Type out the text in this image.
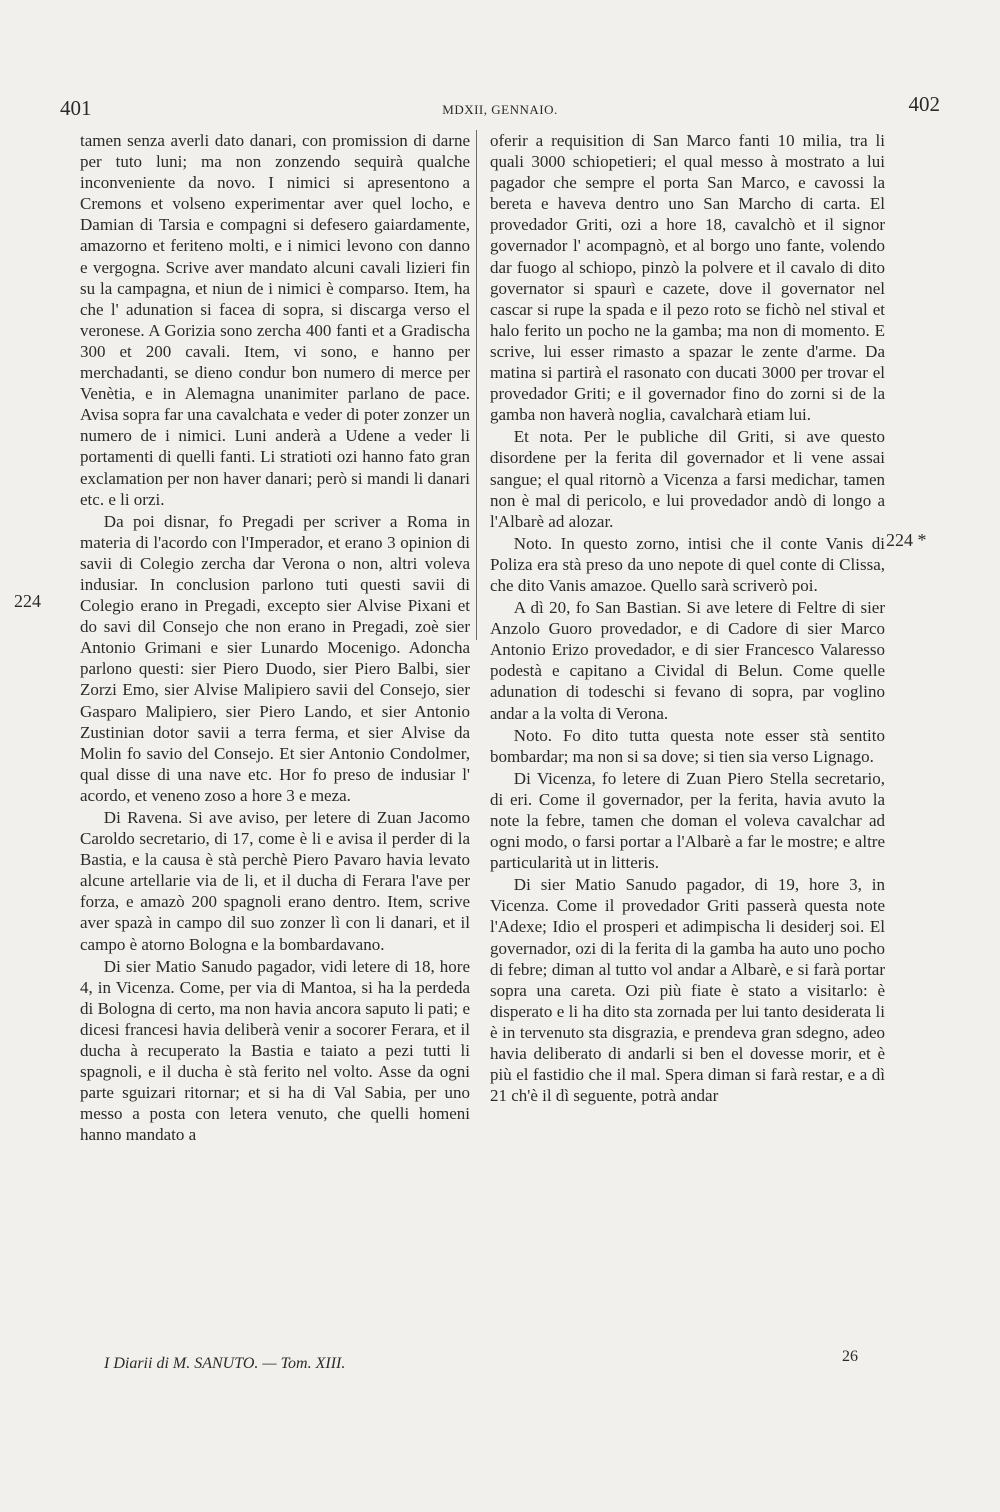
401	MDXII, GENNAIO.	402

tamen senza averli dato danari, con promission di darne per tuto luni; ma non zonzendo sequirà qualche inconveniente da novo. I nimici si apresentono a Cremons et volseno experimentar aver quel locho, e Damian di Tarsia e compagni si defesero gaiardamente, amazorno et feriteno molti, e i nimici levono con danno e vergogna. Scrive aver mandato alcuni cavali lizieri fin su la campagna, et niun de i nimici è comparso. Item, ha che l' adunation si facea di sopra, si discarga verso el veronese. A Gorizia sono zercha 400 fanti et a Gradischa 300 et 200 cavali. Item, vi sono, e hanno per merchadanti, se dieno condur bon numero di merce per Venètia, e in Alemagna unanimiter parlano de pace. Avisa sopra far una cavalchata e veder di poter zonzer un numero de i nimici. Luni anderà a Udene a veder li portamenti di quelli fanti. Li stratioti ozi hanno fato gran exclamation per non haver danari; però si mandi li danari etc. e li orzi.

Da poi disnar, fo Pregadi per scriver a Roma in materia di l'acordo con l'Imperador, et erano 3 opinion di savii di Colegio zercha dar Verona o non, altri voleva indusiar. In conclusion parlono tuti questi savii di Colegio erano in Pregadi, excepto sier Alvise Pixani et do savi dil Consejo che non erano in Pregadi, zoè sier Antonio Grimani e sier Lunardo Mocenigo. Adoncha parlono questi: sier Piero Duodo, sier Piero Balbi, sier Zorzi Emo, sier Alvise Malipiero savii del Consejo, sier Gasparo Malipiero, sier Piero Lando, et sier Antonio Zustinian dotor savii a terra ferma, et sier Alvise da Molin fo savio del Consejo. Et sier Antonio Condolmer, qual disse di una nave etc. Hor fo preso de indusiar l' acordo, et veneno zoso a hore 3 e meza.

Di Ravena. Si ave aviso, per letere di Zuan Jacomo Caroldo secretario, di 17, come è li e avisa il perder di la Bastia, e la causa è stà perchè Piero Pavaro havia levato alcune artellarie via de li, et il ducha di Ferara l'ave per forza, e amazò 200 spagnoli erano dentro. Item, scrive aver spazà in campo dil suo zonzer lì con li danari, et il campo è atorno Bologna e la bombardavano.

Di sier Matio Sanudo pagador, vidi letere di 18, hore 4, in Vicenza. Come, per via di Mantoa, si ha la perdeda di Bologna di certo, ma non havia ancora saputo li pati; e dicesi francesi havia deliberà venir a socorer Ferara, et il ducha à recuperato la Bastia e taiato a pezi tutti li spagnoli, e il ducha è stà ferito nel volto. Asse da ogni parte sguizari ritornar; et si ha di Val Sabia, per uno messo a posta con letera venuto, che quelli homeni hanno mandato a

oferir a requisition di San Marco fanti 10 milia, tra li quali 3000 schiopetieri; el qual messo à mostrato a lui pagador che sempre el porta San Marco, e cavossi la bereta e haveva dentro uno San Marcho di carta. El provedador Griti, ozi a hore 18, cavalchò et il signor governador l' acompagnò, et al borgo uno fante, volendo dar fuogo al schiopo, pinzò la polvere et il cavalo di dito governator si spaurì e cazete, dove il governator nel cascar si rupe la spada e il pezo roto se fichò nel stival et halo ferito un pocho ne la gamba; ma non di momento. E scrive, lui esser rimasto a spazar le zente d'arme. Da matina si partirà el rasonato con ducati 3000 per trovar el provedador Griti; e il governador fino do zorni si de la gamba non haverà noglia, cavalcharà etiam lui.

Et nota. Per le publiche dil Griti, si ave questo disordene per la ferita dil governador et li vene assai sangue; el qual ritornò a Vicenza a farsi medichar, tamen non è mal di pericolo, e lui provedador andò di longo a l'Albarè ad alozar.

Noto. In questo zorno, intisi che il conte Vanis di Poliza era stà preso da uno nepote di quel conte di Clissa, che dito Vanis amazoe. Quello sarà scriverò poi.

A dì 20, fo San Bastian. Si ave letere di Feltre di sier Anzolo Guoro provedador, e di Cadore di sier Marco Antonio Erizo provedador, e di sier Francesco Valaresso podestà e capitano a Cividal di Belun. Come quelle adunation di todeschi si fevano di sopra, par voglino andar a la volta di Verona.

Noto. Fo dito tutta questa note esser stà sentito bombardar; ma non si sa dove; si tien sia verso Lignago.

Di Vicenza, fo letere di Zuan Piero Stella secretario, di eri. Come il governador, per la ferita, havia avuto la note la febre, tamen che doman el voleva cavalchar ad ogni modo, o farsi portar a l'Albarè a far le mostre; e altre particularità ut in litteris.

Di sier Matio Sanudo pagador, di 19, hore 3, in Vicenza. Come il provedador Griti passerà questa note l'Adexe; Idio el prosperi et adimpischa li desiderj soi. El governador, ozi di la ferita di la gamba ha auto uno pocho di febre; diman al tutto vol andar a Albarè, e si farà portar sopra una careta. Ozi più fiate è stato a visitarlo: è disperato e li ha dito sta zornada per lui tanto desiderata li è in tervenuto sta disgrazia, e prendeva gran sdegno, adeo havia deliberato di andarli si ben el dovesse morir, et è più el fastidio che il mal. Spera diman si farà restar, e a dì 21 ch'è il dì seguente, potrà andar

224
224 *
I Diarii di M. SANUTO. — Tom. XIII.	26
